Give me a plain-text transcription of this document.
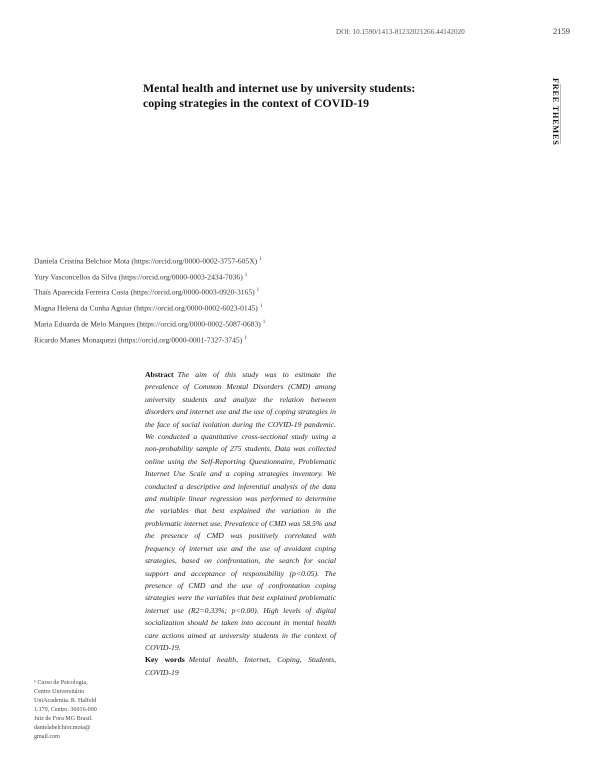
DOI: 10.1590/1413-81232021266.44142020	2159
FREE THEMES
Mental health and internet use by university students:
coping strategies in the context of COVID-19
Daniela Cristina Belchior Mota (https://orcid.org/0000-0002-3757-605X) $^1$
Yury Vasconcellos da Silva (https://orcid.org/0000-0003-2434-7036) $^1$
Thaís Aparecida Ferreira Costa (https://orcid.org/0000-0003-0920-3165) $^1$
Magna Helena da Cunha Aguiar (https://orcid.org/0000-0002-6023-0145) $^1$
Maria Eduarda de Melo Marques (https://orcid.org/0000-0002-5087-0683) $^1$
Ricardo Manes Monaquezi (https://orcid.org/0000-0001-7327-3745) $^1$
Abstract The aim of this study was to estimate the prevalence of Common Mental Disorders (CMD) among university students and analyze the relation between disorders and internet use and the use of coping strategies in the face of social isolation during the COVID-19 pandemic. We conducted a quantitative cross-sectional study using a non-probability sample of 275 students. Data was collected online using the Self-Reporting Questionnaire, Problematic Internet Use Scale and a coping strategies inventory. We conducted a descriptive and inferential analysis of the data and multiple linear regression was performed to determine the variables that best explained the variation in the problematic internet use. Prevalence of CMD was 58.5% and the presence of CMD was positively correlated with frequency of internet use and the use of avoidant coping strategies, based on confrontation, the search for social support and acceptance of responsibility (p<0.05). The presence of CMD and the use of confrontation coping strategies were the variables that best explained problematic internet use (R2=0.33%; p<0.00). High levels of digital socialization should be taken into account in mental health care actions aimed at university students in the context of COVID-19.
Key words Mental health, Internet, Coping, Students, COVID-19
¹ Curso de Psicologia,
Centro Universitário
UniAcademia. R. Halfeld
1.179, Centro. 36016-000
Juiz de Fora MG Brasil.
danielabelchior.mota@
gmail.com
